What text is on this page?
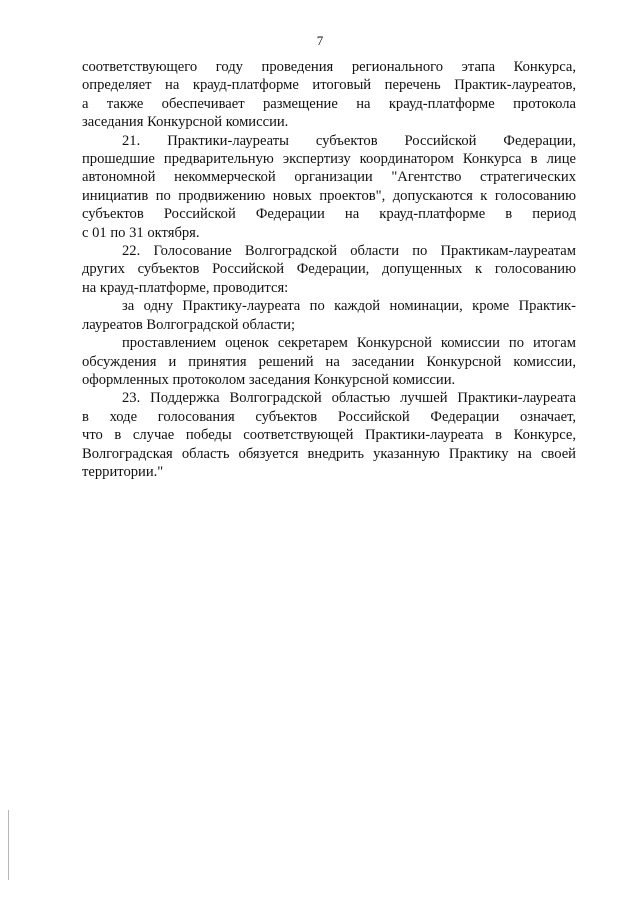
7

соответствующего году проведения регионального этапа Конкурса,
определяет на крауд-платформе итоговый перечень Практик-лауреатов,
а также обеспечивает размещение на крауд-платформе протокола
заседания Конкурсной комиссии.

21. Практики-лауреаты субъектов Российской Федерации,
прошедшие предварительную экспертизу координатором Конкурса в лице
автономной некоммерческой организации "Агентство стратегических
инициатив по продвижению новых проектов", допускаются к голосованию
субъектов Российской Федерации на крауд-платформе в период
с 01 по 31 октября.

22. Голосование Волгоградской области по Практикам-лауреатам
других субъектов Российской Федерации, допущенных к голосованию
на крауд-платформе, проводится:

за одну Практику-лауреата по каждой номинации, кроме Практик-
лауреатов Волгоградской области;

проставлением оценок секретарем Конкурсной комиссии по итогам
обсуждения и принятия решений на заседании Конкурсной комиссии,
оформленных протоколом заседания Конкурсной комиссии.

23. Поддержка Волгоградской областью лучшей Практики-лауреата
в ходе голосования субъектов Российской Федерации означает,
что в случае победы соответствующей Практики-лауреата в Конкурсе,
Волгоградская область обязуется внедрить указанную Практику на своей
территории."
